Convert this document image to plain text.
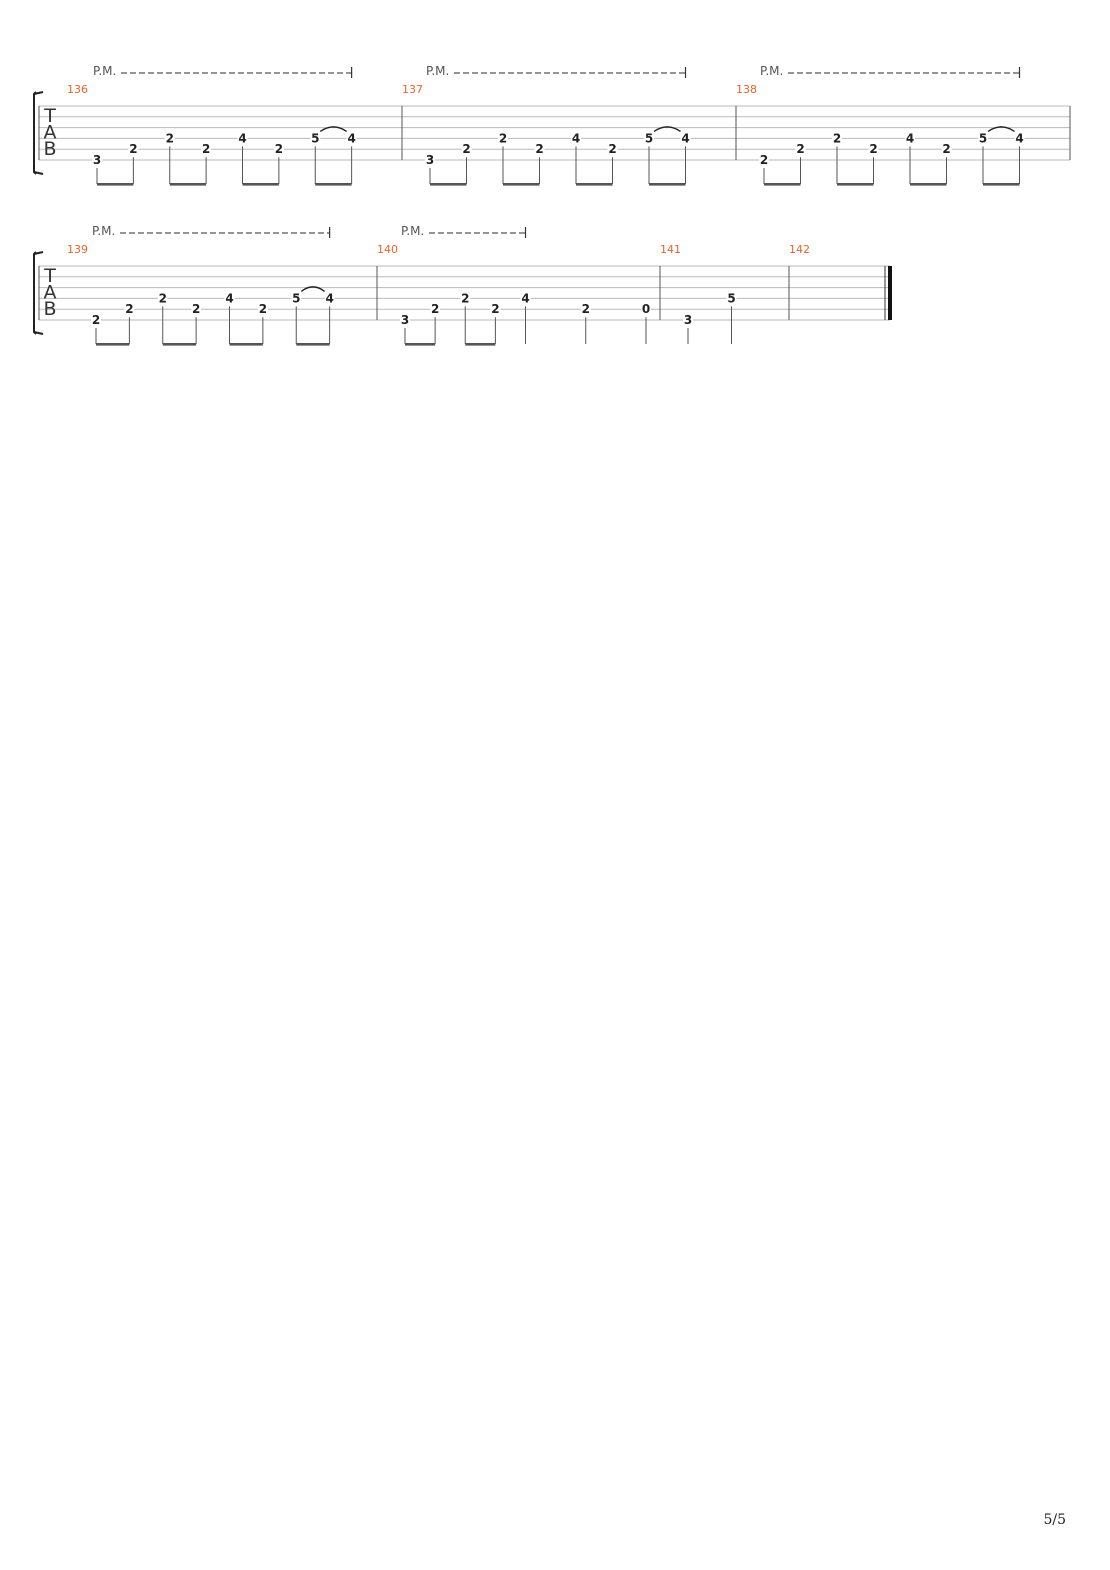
T
A
B
136
3
2
2
2
4
2
5 4
137
3
2
2
2
4
2
5 4
138
2
2
2
2
4
2
5 4
P.M.	P.M.	P.M.
T
A
B
139
2
2
2
2
4
2
5 4
140
3
2
2
2
4
2	0
141
3
5
142
P.M.	P.M.
5/5
